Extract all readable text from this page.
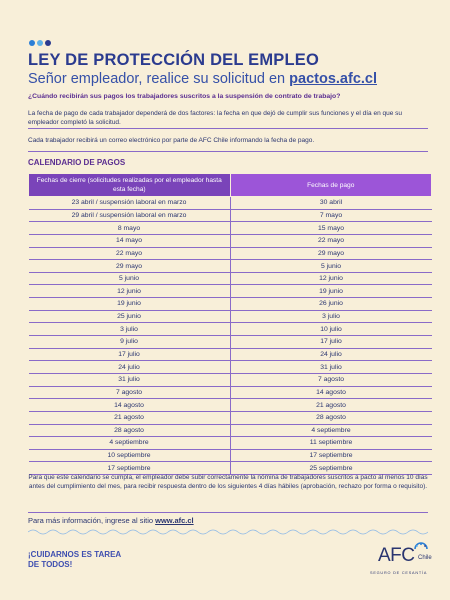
LEY DE PROTECCIÓN DEL EMPLEO
Señor empleador, realice su solicitud en pactos.afc.cl
¿Cuándo recibirán sus pagos los trabajadores suscritos a la suspensión de contrato de trabajo?
La fecha de pago de cada trabajador dependerá de dos factores: la fecha en que dejó de cumplir sus funciones y el día en que su empleador completó la solicitud.
Cada trabajador recibirá un correo electrónico por parte de AFC Chile informando la fecha de pago.
CALENDARIO DE PAGOS
Fechas de cierre (solicitudes realizadas por el empleador hasta esta fecha)	Fechas de pago
23 abril / suspensión laboral en marzo	30 abril
29 abril / suspensión laboral en marzo	7 mayo
8 mayo	15 mayo
14 mayo	22 mayo
22 mayo	29 mayo
29 mayo	5 junio
5 junio	12 junio
12 junio	19 junio
19 junio	26 junio
25 junio	3 julio
3 julio	10 julio
9 julio	17 julio
17 julio	24 julio
24 julio	31 julio
31 julio	7 agosto
7 agosto	14 agosto
14 agosto	21 agosto
21 agosto	28 agosto
28 agosto	4 septiembre
4 septiembre	11 septiembre
10 septiembre	17 septiembre
17 septiembre	25 septiembre
Para que este calendario se cumpla, el empleador debe subir correctamente la nómina de trabajadores suscritos a pacto al menos 10 días antes del cumplimiento del mes, para recibir respuesta dentro de los siguientes 4 días hábiles (aprobación, rechazo por forma o requisito).
Para más información, ingrese al sitio www.afc.cl
¡CUIDARNOS ES TAREA DE TODOS!	AFC Chile
SEGURO DE CESANTÍA
